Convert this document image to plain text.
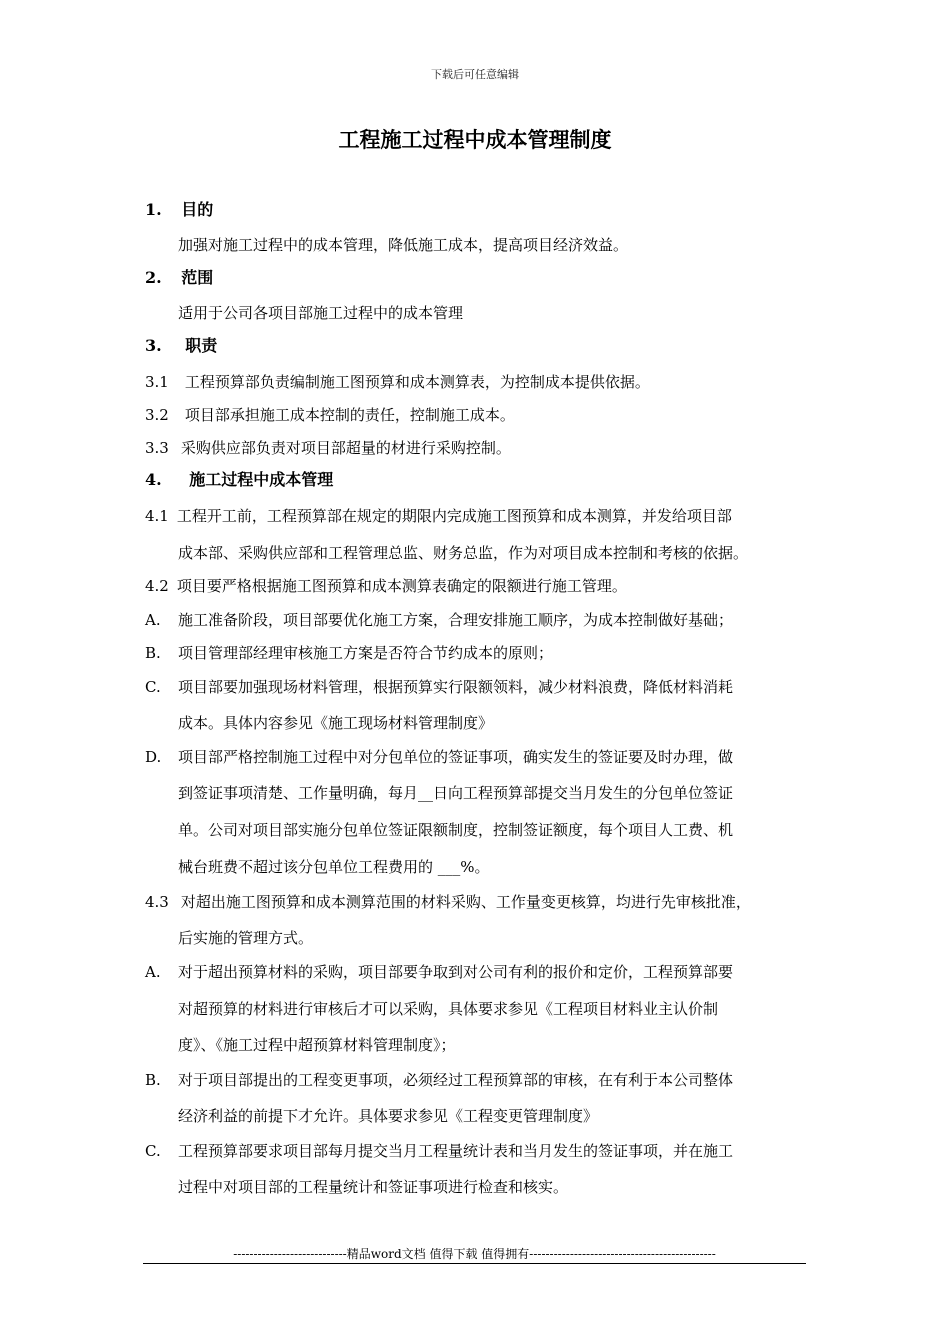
下载后可任意编辑
工程施工过程中成本管理制度
1. 目的
加强对施工过程中的成本管理，降低施工成本，提高项目经济效益。
2. 范围
适用于公司各项目部施工过程中的成本管理
3. 职责
3.1 工程预算部负责编制施工图预算和成本测算表，为控制成本提供依据。
3.2 项目部承担施工成本控制的责任，控制施工成本。
3.3 采购供应部负责对项目部超量的材进行采购控制。
4. 施工过程中成本管理
4.1 工程开工前，工程预算部在规定的期限内完成施工图预算和成本测算，并发给项目部
成本部、采购供应部和工程管理总监、财务总监，作为对项目成本控制和考核的依据。
4.2 项目要严格根据施工图预算和成本测算表确定的限额进行施工管理。
A. 施工准备阶段，项目部要优化施工方案，合理安排施工顺序，为成本控制做好基础；
B. 项目管理部经理审核施工方案是否符合节约成本的原则；
C. 项目部要加强现场材料管理，根据预算实行限额领料，减少材料浪费，降低材料消耗
成本。具体内容参见《施工现场材料管理制度》
D. 项目部严格控制施工过程中对分包单位的签证事项，确实发生的签证要及时办理，做
到签证事项清楚、工作量明确，每月__日向工程预算部提交当月发生的分包单位签证
单。公司对项目部实施分包单位签证限额制度，控制签证额度，每个项目人工费、机
械台班费不超过该分包单位工程费用的 ___%。
4.3 对超出施工图预算和成本测算范围的材料采购、工作量变更核算，均进行先审核批准，
后实施的管理方式。
A. 对于超出预算材料的采购，项目部要争取到对公司有利的报价和定价，工程预算部要
对超预算的材料进行审核后才可以采购，具体要求参见《工程项目材料业主认价制
度》、《施工过程中超预算材料管理制度》；
B. 对于项目部提出的工程变更事项，必须经过工程预算部的审核，在有利于本公司整体
经济利益的前提下才允许。具体要求参见《工程变更管理制度》
C. 工程预算部要求项目部每月提交当月工程量统计表和当月发生的签证事项，并在施工
过程中对项目部的工程量统计和签证事项进行检查和核实。
----------------------------精品word文档 值得下载 值得拥有----------------------------------------------
